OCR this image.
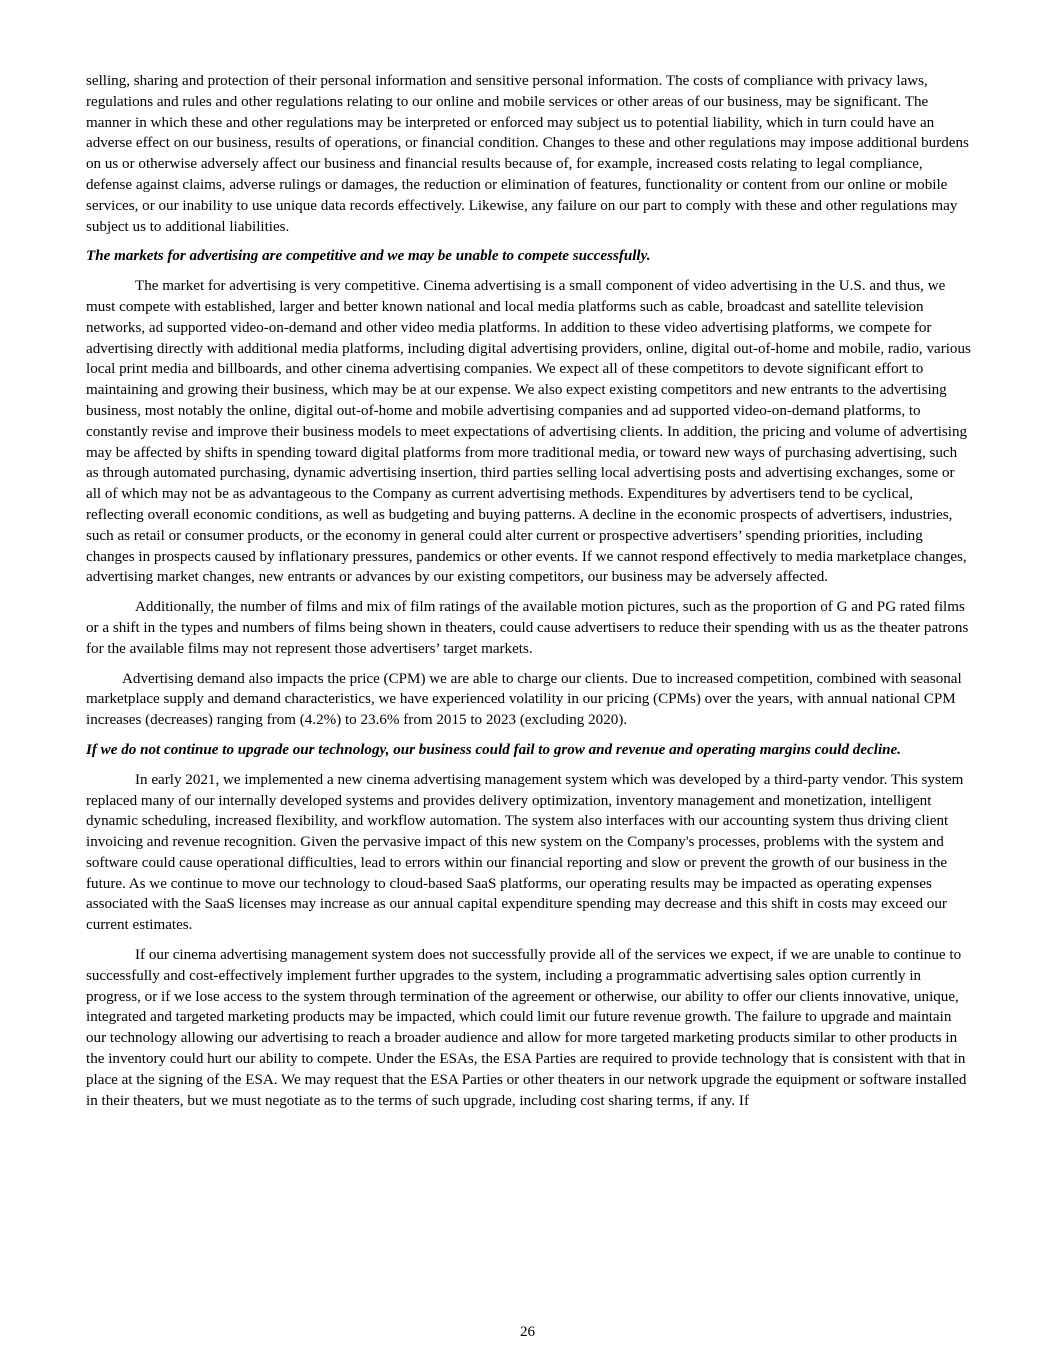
selling, sharing and protection of their personal information and sensitive personal information. The costs of compliance with privacy laws, regulations and rules and other regulations relating to our online and mobile services or other areas of our business, may be significant. The manner in which these and other regulations may be interpreted or enforced may subject us to potential liability, which in turn could have an adverse effect on our business, results of operations, or financial condition. Changes to these and other regulations may impose additional burdens on us or otherwise adversely affect our business and financial results because of, for example, increased costs relating to legal compliance, defense against claims, adverse rulings or damages, the reduction or elimination of features, functionality or content from our online or mobile services, or our inability to use unique data records effectively. Likewise, any failure on our part to comply with these and other regulations may subject us to additional liabilities.

The markets for advertising are competitive and we may be unable to compete successfully.

The market for advertising is very competitive. Cinema advertising is a small component of video advertising in the U.S. and thus, we must compete with established, larger and better known national and local media platforms such as cable, broadcast and satellite television networks, ad supported video-on-demand and other video media platforms. In addition to these video advertising platforms, we compete for advertising directly with additional media platforms, including digital advertising providers, online, digital out-of-home and mobile, radio, various local print media and billboards, and other cinema advertising companies. We expect all of these competitors to devote significant effort to maintaining and growing their business, which may be at our expense. We also expect existing competitors and new entrants to the advertising business, most notably the online, digital out-of-home and mobile advertising companies and ad supported video-on-demand platforms, to constantly revise and improve their business models to meet expectations of advertising clients. In addition, the pricing and volume of advertising may be affected by shifts in spending toward digital platforms from more traditional media, or toward new ways of purchasing advertising, such as through automated purchasing, dynamic advertising insertion, third parties selling local advertising posts and advertising exchanges, some or all of which may not be as advantageous to the Company as current advertising methods. Expenditures by advertisers tend to be cyclical, reflecting overall economic conditions, as well as budgeting and buying patterns. A decline in the economic prospects of advertisers, industries, such as retail or consumer products, or the economy in general could alter current or prospective advertisers’ spending priorities, including changes in prospects caused by inflationary pressures, pandemics or other events. If we cannot respond effectively to media marketplace changes, advertising market changes, new entrants or advances by our existing competitors, our business may be adversely affected.

Additionally, the number of films and mix of film ratings of the available motion pictures, such as the proportion of G and PG rated films or a shift in the types and numbers of films being shown in theaters, could cause advertisers to reduce their spending with us as the theater patrons for the available films may not represent those advertisers’ target markets.

Advertising demand also impacts the price (CPM) we are able to charge our clients. Due to increased competition, combined with seasonal marketplace supply and demand characteristics, we have experienced volatility in our pricing (CPMs) over the years, with annual national CPM increases (decreases) ranging from (4.2%) to 23.6% from 2015 to 2023 (excluding 2020).

If we do not continue to upgrade our technology, our business could fail to grow and revenue and operating margins could decline.

In early 2021, we implemented a new cinema advertising management system which was developed by a third-party vendor. This system replaced many of our internally developed systems and provides delivery optimization, inventory management and monetization, intelligent dynamic scheduling, increased flexibility, and workflow automation. The system also interfaces with our accounting system thus driving client invoicing and revenue recognition. Given the pervasive impact of this new system on the Company's processes, problems with the system and software could cause operational difficulties, lead to errors within our financial reporting and slow or prevent the growth of our business in the future. As we continue to move our technology to cloud-based SaaS platforms, our operating results may be impacted as operating expenses associated with the SaaS licenses may increase as our annual capital expenditure spending may decrease and this shift in costs may exceed our current estimates.

If our cinema advertising management system does not successfully provide all of the services we expect, if we are unable to continue to successfully and cost-effectively implement further upgrades to the system, including a programmatic advertising sales option currently in progress, or if we lose access to the system through termination of the agreement or otherwise, our ability to offer our clients innovative, unique, integrated and targeted marketing products may be impacted, which could limit our future revenue growth. The failure to upgrade and maintain our technology allowing our advertising to reach a broader audience and allow for more targeted marketing products similar to other products in the inventory could hurt our ability to compete. Under the ESAs, the ESA Parties are required to provide technology that is consistent with that in place at the signing of the ESA. We may request that the ESA Parties or other theaters in our network upgrade the equipment or software installed in their theaters, but we must negotiate as to the terms of such upgrade, including cost sharing terms, if any. If

26
